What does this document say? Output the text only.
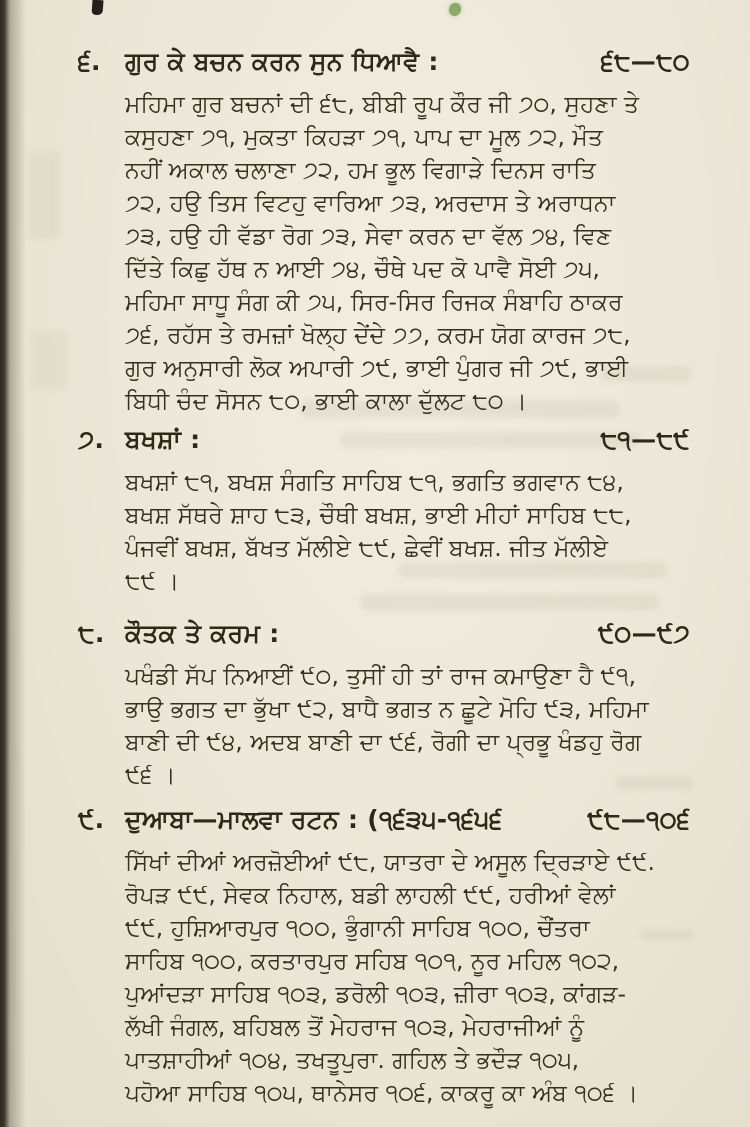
੬. ਗੁਰ ਕੇ ਬਚਨ ਕਰਨ ਸੁਨ ਧਿਆਵੈ :	੬੮—੮੦
ਮਹਿਮਾ ਗੁਰ ਬਚਨਾਂ ਦੀ ੬੮, ਬੀਬੀ ਰੂਪ ਕੌਰ ਜੀ ੭੦, ਸੁਹਣਾ ਤੇ
ਕਸੁਹਣਾ ੭੧, ਮੁਕਤਾ ਕਿਹੜਾ ੭੧, ਪਾਪ ਦਾ ਮੂਲ ੭੨, ਮੌਤ
ਨਹੀਂ ਅਕਾਲ ਚਲਾਣਾ ੭੨, ਹਮ ਭੂਲ ਵਿਗਾੜੇ ਦਿਨਸ ਰਾਤਿ
੭੨, ਹਉ ਤਿਸ ਵਿਟਹੁ ਵਾਰਿਆ ੭੩, ਅਰਦਾਸ ਤੇ ਅਰਾਧਨਾ
੭੩, ਹਉ ਹੀ ਵੱਡਾ ਰੋਗ ੭੩, ਸੇਵਾ ਕਰਨ ਦਾ ਵੱਲ ੭੪, ਵਿਣ
ਦਿੱਤੇ ਕਿਛੁ ਹੱਥ ਨ ਆਈ ੭੪, ਚੌਥੇ ਪਦ ਕੋ ਪਾਵੈ ਸੋਈ ੭੫,
ਮਹਿਮਾ ਸਾਧੂ ਸੰਗ ਕੀ ੭੫, ਸਿਰ-ਸਿਰ ਰਿਜਕ ਸੰਬਾਹਿ ਠਾਕਰ
੭੬, ਰਹੱਸ ਤੇ ਰਮਜ਼ਾਂ ਖੋਲ੍ਹ ਦੇਂਦੇ ੭੭, ਕਰਮ ਯੋਗ ਕਾਰਜ ੭੮,
ਗੁਰ ਅਨੁਸਾਰੀ ਲੋਕ ਅਪਾਰੀ ੭੯, ਭਾਈ ਪੁੰਗਰ ਜੀ ੭੯, ਭਾਈ
ਬਿਧੀ ਚੰਦ ਸੋਸਨ ੮੦, ਭਾਈ ਕਾਲਾ ਦੁੱਲਟ ੮੦ ।
੭. ਬਖਸ਼ਾਂ :	੮੧—੮੯
ਬਖਸ਼ਾਂ ੮੧, ਬਖਸ਼ ਸੰਗਤਿ ਸਾਹਿਬ ੮੧, ਭਗਤਿ ਭਗਵਾਨ ੮੪,
ਬਖਸ਼ ਸੱਥਰੇ ਸ਼ਾਹ ੮੩, ਚੌਥੀ ਬਖਸ਼, ਭਾਈ ਮੀਹਾਂ ਸਾਹਿਬ ੮੮,
ਪੰਜਵੀਂ ਬਖਸ਼, ਬੱਖਤ ਮੱਲੀਏ ੮੯, ਛੇਵੀਂ ਬਖਸ਼. ਜੀਤ ਮੱਲੀਏ
੮੯ ।
੮. ਕੌਤਕ ਤੇ ਕਰਮ :	੯੦—੯੭
ਪਖੰਡੀ ਸੱਪ ਨਿਆਈਂ ੯੦, ਤੁਸੀਂ ਹੀ ਤਾਂ ਰਾਜ ਕਮਾਉਣਾ ਹੈ ੯੧,
ਭਾਉ ਭਗਤ ਦਾ ਭੁੱਖਾ ੯੨, ਬਾਧੈ ਭਗਤ ਨ ਛੂਟੇ ਮੋਹਿ ੯੩, ਮਹਿਮਾ
ਬਾਣੀ ਦੀ ੯੪, ਅਦਬ ਬਾਣੀ ਦਾ ੯੬, ਰੋਗੀ ਦਾ ਪ੍ਰਭੂ ਖੰਡਹੁ ਰੋਗ
੯੬ ।
੯. ਦੁਆਬਾ—ਮਾਲਵਾ ਰਟਨ : (੧੬੩੫-੧੬੫੬	੯੮—੧੦੬
ਸਿੱਖਾਂ ਦੀਆਂ ਅਰਜ਼ੋਈਆਂ ੯੮, ਯਾਤਰਾ ਦੇ ਅਸੂਲ ਦ੍ਰਿੜਾਏ ੯੯.
ਰੋਪੜ ੯੯, ਸੇਵਕ ਨਿਹਾਲ, ਬਡੀ ਲਾਹਲੀ ੯੯, ਹਰੀਆਂ ਵੇਲਾਂ
੯੯, ਹੁਸ਼ਿਆਰਪੁਰ ੧੦੦, ਭੁੰਗਾਨੀ ਸਾਹਿਬ ੧੦੦, ਚੌਂਤਰਾ
ਸਾਹਿਬ ੧੦੦, ਕਰਤਾਰਪੁਰ ਸਹਿਬ ੧੦੧, ਨੂਰ ਮਹਿਲ ੧੦੨,
ਪੁਆਂਦੜਾ ਸਾਹਿਬ ੧੦੩, ਡਰੋਲੀ ੧੦੩, ਜ਼ੀਰਾ ੧੦੩, ਕਾਂਗੜ-
ਲੱਖੀ ਜੰਗਲ, ਬਹਿਬਲ ਤੋਂ ਮੇਹਰਾਜ ੧੦੩, ਮੇਹਰਾਜੀਆਂ ਨੂੰ
ਪਾਤਸ਼ਾਹੀਆਂ ੧੦੪, ਤਖਤੂਪੁਰਾ. ਗਹਿਲ ਤੇ ਭਦੌੜ ੧੦੫,
ਪਹੋਆ ਸਾਹਿਬ ੧੦੫, ਥਾਨੇਸਰ ੧੦੬, ਕਾਕਰੂ ਕਾ ਅੰਬ ੧੦੬ ।
